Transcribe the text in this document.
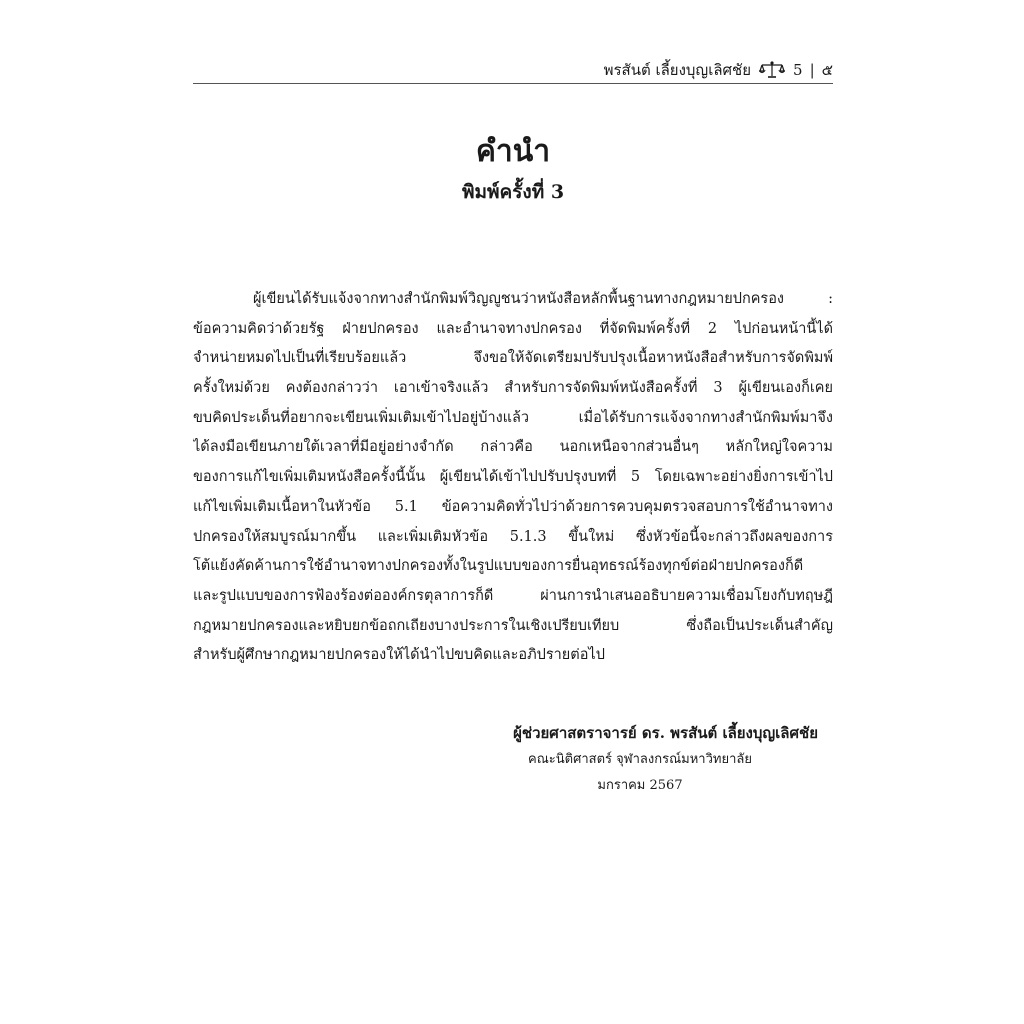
พรสันต์ เลี้ยงบุญเลิศชัย	5 | ๕
คำนำ
พิมพ์ครั้งที่ 3
ผู้เขียนได้รับแจ้งจากทางสำนักพิมพ์วิญญูชนว่าหนังสือหลักพื้นฐานทางกฎหมายปกครอง :
ข้อความคิดว่าด้วยรัฐ ฝ่ายปกครอง และอำนาจทางปกครอง ที่จัดพิมพ์ครั้งที่ 2 ไปก่อนหน้านี้ได้
จำหน่ายหมดไปเป็นที่เรียบร้อยแล้ว จึงขอให้จัดเตรียมปรับปรุงเนื้อหาหนังสือสำหรับการจัดพิมพ์
ครั้งใหม่ด้วย คงต้องกล่าวว่า เอาเข้าจริงแล้ว สำหรับการจัดพิมพ์หนังสือครั้งที่ 3 ผู้เขียนเองก็เคย
ขบคิดประเด็นที่อยากจะเขียนเพิ่มเติมเข้าไปอยู่บ้างแล้ว เมื่อได้รับการแจ้งจากทางสำนักพิมพ์มาจึง
ได้ลงมือเขียนภายใต้เวลาที่มีอยู่อย่างจำกัด กล่าวคือ นอกเหนือจากส่วนอื่นๆ หลักใหญ่ใจความ
ของการแก้ไขเพิ่มเติมหนังสือครั้งนี้นั้น ผู้เขียนได้เข้าไปปรับปรุงบทที่ 5 โดยเฉพาะอย่างยิ่งการเข้าไป
แก้ไขเพิ่มเติมเนื้อหาในหัวข้อ 5.1 ข้อความคิดทั่วไปว่าด้วยการควบคุมตรวจสอบการใช้อำนาจทาง
ปกครองให้สมบูรณ์มากขึ้น และเพิ่มเติมหัวข้อ 5.1.3 ขึ้นใหม่ ซึ่งหัวข้อนี้จะกล่าวถึงผลของการ
โต้แย้งคัดค้านการใช้อำนาจทางปกครองทั้งในรูปแบบของการยื่นอุทธรณ์ร้องทุกข์ต่อฝ่ายปกครองก็ดี
และรูปแบบของการฟ้องร้องต่อองค์กรตุลาการก็ดี ผ่านการนำเสนออธิบายความเชื่อมโยงกับทฤษฎี
กฎหมายปกครองและหยิบยกข้อถกเถียงบางประการในเชิงเปรียบเทียบ ซึ่งถือเป็นประเด็นสำคัญ
สำหรับผู้ศึกษากฎหมายปกครองให้ได้นำไปขบคิดและอภิปรายต่อไป
ผู้ช่วยศาสตราจารย์ ดร. พรสันต์ เลี้ยงบุญเลิศชัย
คณะนิติศาสตร์ จุฬาลงกรณ์มหาวิทยาลัย
มกราคม 2567
